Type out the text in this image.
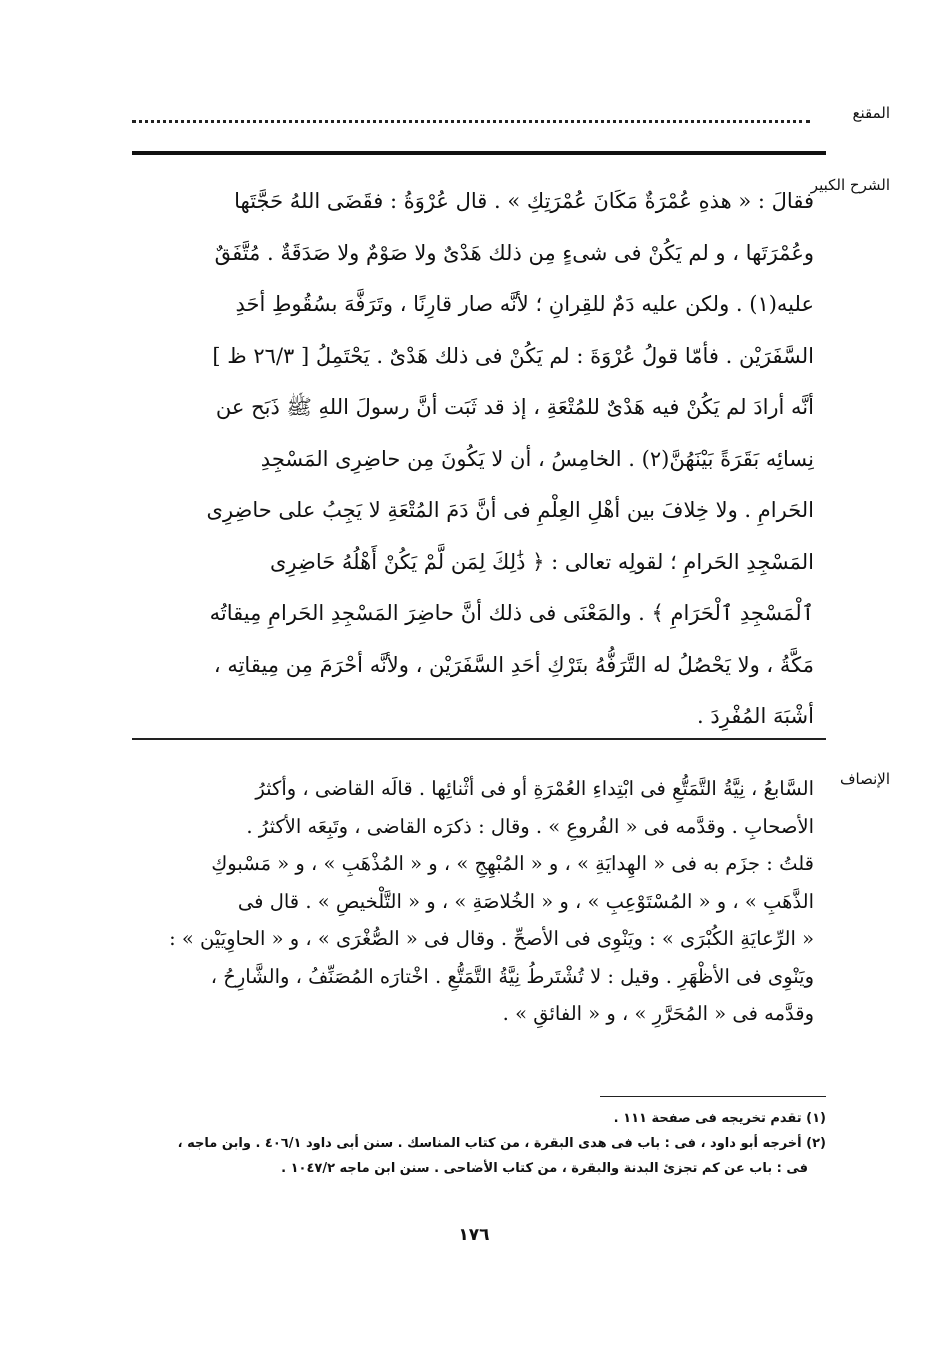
المقنع
الشرح الكبير
فقالَ : « هذهِ عُمْرَةٌ مَكَانَ عُمْرَتِكِ » . قال عُرْوَةُ : فقَضَى اللهُ حَجَّتَها
وعُمْرَتَها ، و لم يَكُنْ فى شىءٍ مِن ذلك هَدْىٌ ولا صَوْمٌ ولا صَدَقَةٌ . مُتَّفَقٌ
عليه(١) . ولكن عليه دَمٌ للقِرانِ ؛ لأنَّه صار قارِنًا ، وتَرَفَّهَ بسُقُوطِ أحَدِ
السَّفَرَيْن . فأمّا قولُ عُرْوَةَ : لم يَكُنْ فى ذلك هَدْىٌ . يَحْتَمِلُ [ ٢٦/٣ ظ ]
أنَّه أرادَ لم يَكُنْ فيه هَدْىٌ للمُتْعَةِ ، إذ قد ثَبَت أنَّ رسولَ اللهِ ﷺ ذَبَح عن
نِسائِه بَقَرَةً بَيْنَهُنَّ(٢) . الخامِسُ ، أن لا يَكُونَ مِن حاضِرِى المَسْجِدِ
الحَرامِ . ولا خِلافَ بين أهْلِ العِلْمِ فى أنَّ دَمَ المُتْعَةِ لا يَجِبُ على حاضِرِى
المَسْجِدِ الحَرامِ ؛ لقولِه تعالى : ﴿ ذَٰلِكَ لِمَن لَّمْ يَكُنْ أَهْلُهُ حَاضِرِى
ٱلْمَسْجِدِ ٱلْحَرَامِ ﴾ . والمَعْنَى فى ذلك أنَّ حاضِرَ المَسْجِدِ الحَرامِ مِيقاتُه
مَكَّةُ ، ولا يَحْصُلُ له التَّرَفُّهُ بتَرْكِ أحَدِ السَّفَرَيْن ، ولأنَّه أحْرَمَ مِن مِيقاتِه ،
أشْبَهَ المُفْرِدَ .
الإنصاف
السَّابعُ ، نِيَّةُ التَّمَتُّعِ فى ابْتِداءِ العُمْرَةِ أو فى أثْنائِها . قالَه القاضى ، وأكثرُ
الأصحابِ . وقدَّمه فى « الفُروعِ » . وقال : ذكرَه القاضى ، وتَبِعَه الأكثرُ .
قلتُ : جزَم به فى « الهِدايَةِ » ، و « المُبْهِجِ » ، و « المُذْهَبِ » ، و « مَسْبوكِ
الذَّهَبِ » ، و « المُسْتَوْعِبِ » ، و « الخُلاصَةِ » ، و « التَّلْخيصِ » . قال فى
« الرِّعايَةِ الكُبْرَى » : ويَنْوِى فى الأصحِّ . وقال فى « الصُّغْرَى » ، و « الحاوِيَيْن » :
ويَنْوِى فى الأظْهَرِ . وقيل : لا تُشْتَرطُ نِيَّةُ التَّمَتُّعِ . اخْتارَه المُصَنِّفُ ، والشَّارِحُ ،
وقدَّمه فى « المُحَرَّرِ » ، و « الفائقِ » .
(١) تقدم تخريجه فى صفحة ١١١ .
(٢) أخرجه أبو داود ، فى : باب فى هدى البقرة ، من كتاب المناسك . سنن أبى داود ٤٠٦/١ . وابن ماجه ،
فى : باب عن كم تجزئ البدنة والبقرة ، من كتاب الأضاحى . سنن ابن ماجه ١٠٤٧/٢ .
١٧٦
